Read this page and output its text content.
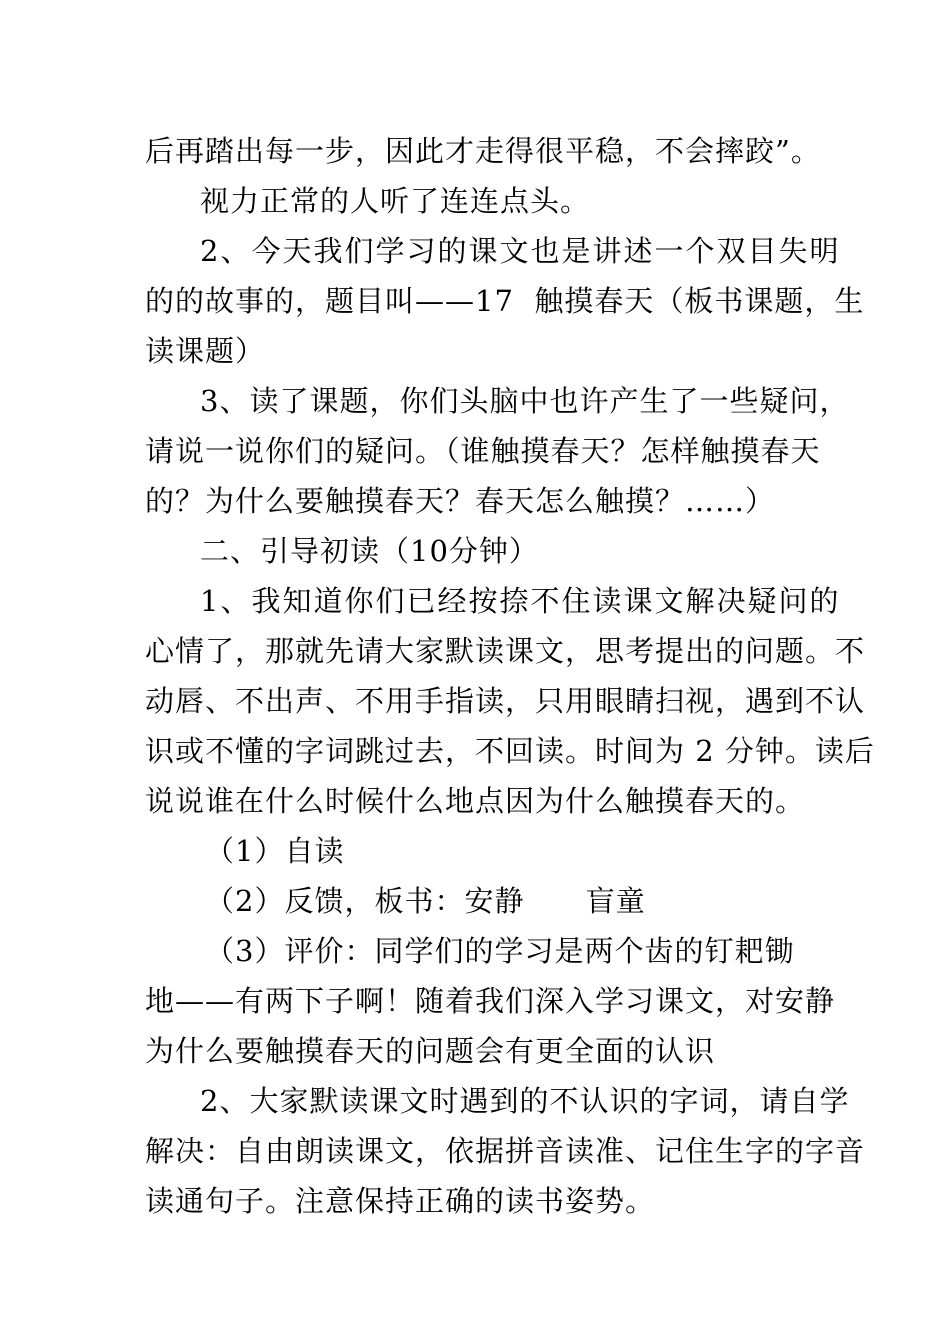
后再踏出每一步，因此才走得很平稳，不会摔跤”。
视力正常的人听了连连点头。
2、今天我们学习的课文也是讲述一个双目失明
的的故事的，题目叫——17  触摸春天（板书课题，生
读课题）
3、读了课题，你们头脑中也许产生了一些疑问，
请说一说你们的疑问。（谁触摸春天？怎样触摸春天
的？为什么要触摸春天？春天怎么触摸？……）
二、引导初读（10分钟）
1、我知道你们已经按捺不住读课文解决疑问的
心情了，那就先请大家默读课文，思考提出的问题。不
动唇、不出声、不用手指读，只用眼睛扫视，遇到不认
识或不懂的字词跳过去，不回读。时间为 2 分钟。读后
说说谁在什么时候什么地点因为什么触摸春天的。
（1）自读
（2）反馈，板书：安静      盲童
（3）评价：同学们的学习是两个齿的钉耙锄
地——有两下子啊！随着我们深入学习课文，对安静
为什么要触摸春天的问题会有更全面的认识
2、大家默读课文时遇到的不认识的字词，请自学
解决：自由朗读课文，依据拼音读准、记住生字的字音
读通句子。注意保持正确的读书姿势。
